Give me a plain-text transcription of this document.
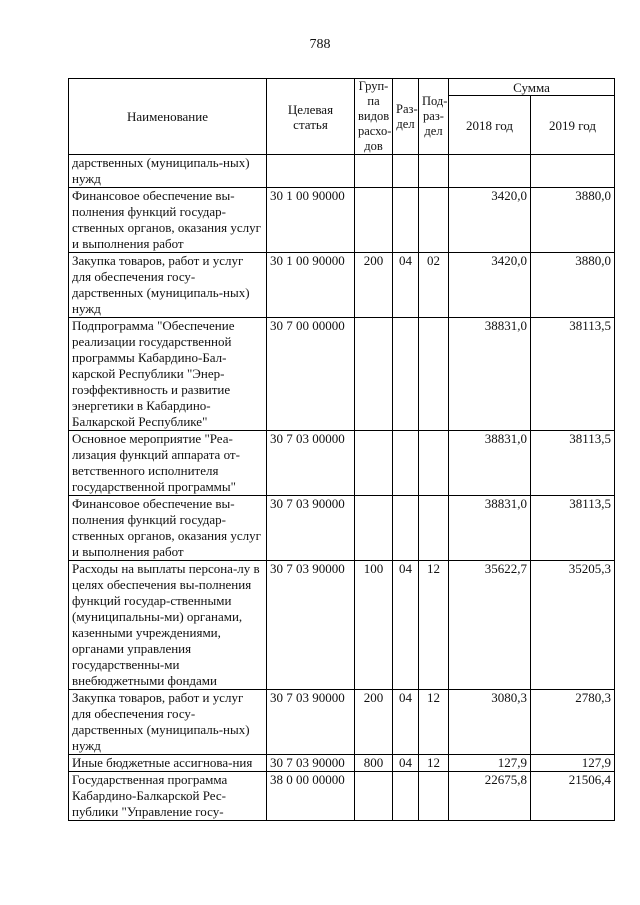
788
Наименование	Целевая статья	Груп-па видов расхо-дов	Раз-дел	Под-раз-дел	Сумма	
					2018 год	2019 год
дарственных (муниципаль-ных) нужд						
Финансовое обеспечение вы-полнения функций государ-ственных органов, оказания услуг и выполнения работ	30 1 00 90000				3420,0	3880,0
Закупка товаров, работ и услуг для обеспечения госу-дарственных (муниципаль-ных) нужд	30 1 00 90000	200	04	02	3420,0	3880,0
Подпрограмма "Обеспечение реализации государственной программы Кабардино-Бал-карской Республики "Энер-гоэффективность и развитие энергетики в Кабардино-Балкарской Республике"	30 7 00 00000				38831,0	38113,5
Основное мероприятие "Реа-лизация функций аппарата от-ветственного исполнителя государственной программы"	30 7 03 00000				38831,0	38113,5
Финансовое обеспечение вы-полнения функций государ-ственных органов, оказания услуг и выполнения работ	30 7 03 90000				38831,0	38113,5
Расходы на выплаты персона-лу в целях обеспечения вы-полнения функций государ-ственными (муниципальны-ми) органами, казенными учреждениями, органами управления государственны-ми внебюджетными фондами	30 7 03 90000	100	04	12	35622,7	35205,3
Закупка товаров, работ и услуг для обеспечения госу-дарственных (муниципаль-ных) нужд	30 7 03 90000	200	04	12	3080,3	2780,3
Иные бюджетные ассигнова-ния	30 7 03 90000	800	04	12	127,9	127,9
Государственная программа Кабардино-Балкарской Рес-публики "Управление госу-	38 0 00 00000				22675,8	21506,4
